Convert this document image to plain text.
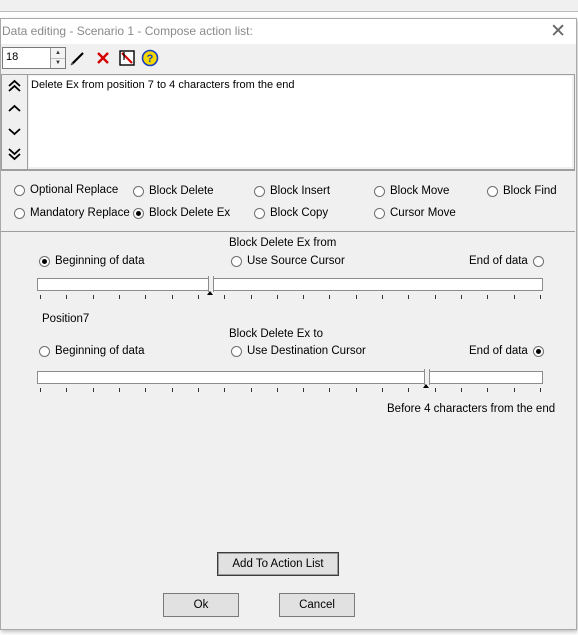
Data editing - Scenario 1 - Compose action list:	✕
18	▲
▼	?
Delete Ex from position 7 to 4 characters from the end
Optional Replace	Block Delete	Block Insert	Block Move	Block Find
Mandatory Replace Block Delete Ex	Block Copy	Cursor Move
Block Delete Ex from
Beginning of data	Use Source Cursor	End of data
Position7
Block Delete Ex to
Beginning of data	Use Destination Cursor	End of data
Before 4 characters from the end
Add To Action List
Ok	Cancel
